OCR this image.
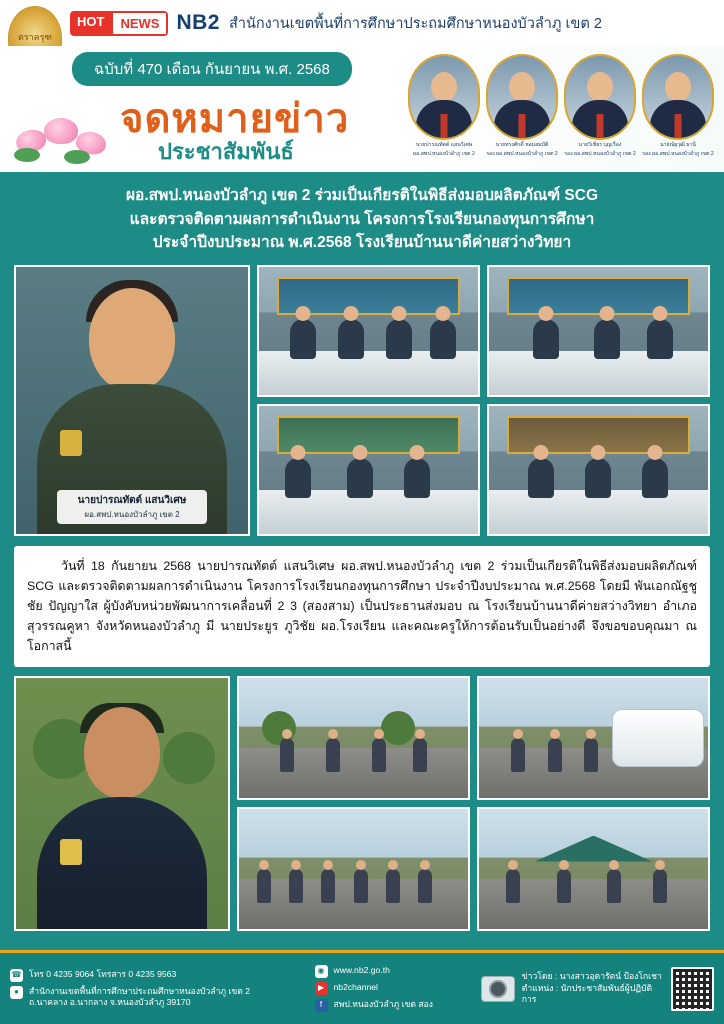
ตราครุฑ
HOT	NEWS NB2 สำนักงานเขตพื้นที่การศึกษาประถมศึกษาหนองบัวลำภู เขต 2
ฉบับที่ 470 เดือน กันยายน พ.ศ. 2568
จดหมายข่าว
ประชาสัมพันธ์	นายปารณทัตต์ แสนวิเศษ
ผอ.สพป.หนองบัวลำภู เขต 2
นายทรงศักดิ์ หอมสมบัติ
รอง ผอ.สพป.หนองบัวลำภู เขต 2
นายวิเชียร บุญเรือง
รอง ผอ.สพป.หนองบัวลำภู เขต 2
นายณัฐวุฒิ ธานี
รอง ผอ.สพป.หนองบัวลำภู เขต 2
ผอ.สพป.หนองบัวลำภู เขต 2 ร่วมเป็นเกียรติในพิธีส่งมอบผลิตภัณฑ์ SCG
และตรวจติดตามผลการดำเนินงาน โครงการโรงเรียนกองทุนการศึกษา
ประจำปีงบประมาณ พ.ศ.2568 โรงเรียนบ้านนาดีค่ายสว่างวิทยา
นายปารณทัตต์ แสนวิเศษ
ผอ.สพป.หนองบัวลำภู เขต 2

วันที่ 18 กันยายน 2568 นายปารณทัตต์ แสนวิเศษ ผอ.สพป.หนองบัวลำภู เขต 2 ร่วมเป็นเกียรติในพิธีส่งมอบผลิตภัณฑ์ SCG และตรวจติดตามผลการดำเนินงาน โครงการโรงเรียนกองทุนการศึกษา ประจำปีงบประมาณ พ.ศ.2568 โดยมี พันเอกณัฐชูชัย ปัญญาใส ผู้บังคับหน่วยพัฒนาการเคลื่อนที่ 2 3 (สองสาม) เป็นประธานส่งมอบ ณ โรงเรียนบ้านนาดีค่ายสว่างวิทยา อำเภอสุวรรณคูหา จังหวัดหนองบัวลำภู มี นายประยูร ภูวิชัย ผอ.โรงเรียน และคณะครูให้การต้อนรับเป็นอย่างดี จึงขอขอบคุณมา ณ โอกาสนี้

☎ โทร 0 4235 9064 โทรสาร 0 4235 9563
●	สำนักงานเขตพื้นที่การศึกษาประถมศึกษาหนองบัวลำภู เขต 2
ถ.นาคลาง อ.นากลาง จ.หนองบัวลำภู 39170
◉	www.nb2.go.th
▶	nb2channel
f	สพป.หนองบัวลำภู เขต สอง
ข่าวโดย : นางสาวอุดารัตน์ ป้องโกเชา
ตำแหน่ง : นักประชาสัมพันธ์ผู้ปฏิบัติการ
